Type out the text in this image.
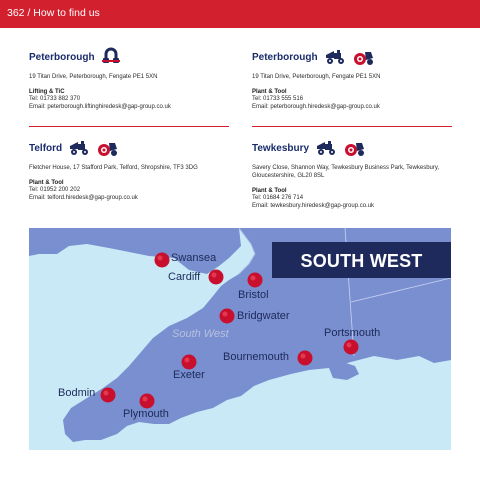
362 / How to find us
Peterborough
19 Titan Drive, Peterborough, Fengate PE1 5XN
Lifting & TiC
Tel: 01733 882 370
Email: peterborough.liftinghiredesk@gap-group.co.uk
Peterborough
19 Titan Drive, Peterborough, Fengate PE1 5XN
Plant & Tool
Tel: 01733 555 516
Email: peterborough.hiredesk@gap-group.co.uk
Telford
Fletcher House, 17 Stafford Park, Telford, Shropshire, TF3 3DG
Plant & Tool
Tel: 01952 200 202
Email: telford.hiredesk@gap-group.co.uk
Tewkesbury
Savery Close, Shannon Way, Tewkesbury Business Park, Tewkesbury, Gloucestershire, GL20 8SL
Plant & Tool
Tel: 01684 276 714
Email: tewkesbury.hiredesk@gap-group.co.uk
SOUTH WEST
South West
Swansea
Cardiff
Bristol
Bridgwater
Portsmouth
Bournemouth
Exeter
Bodmin
Plymouth
